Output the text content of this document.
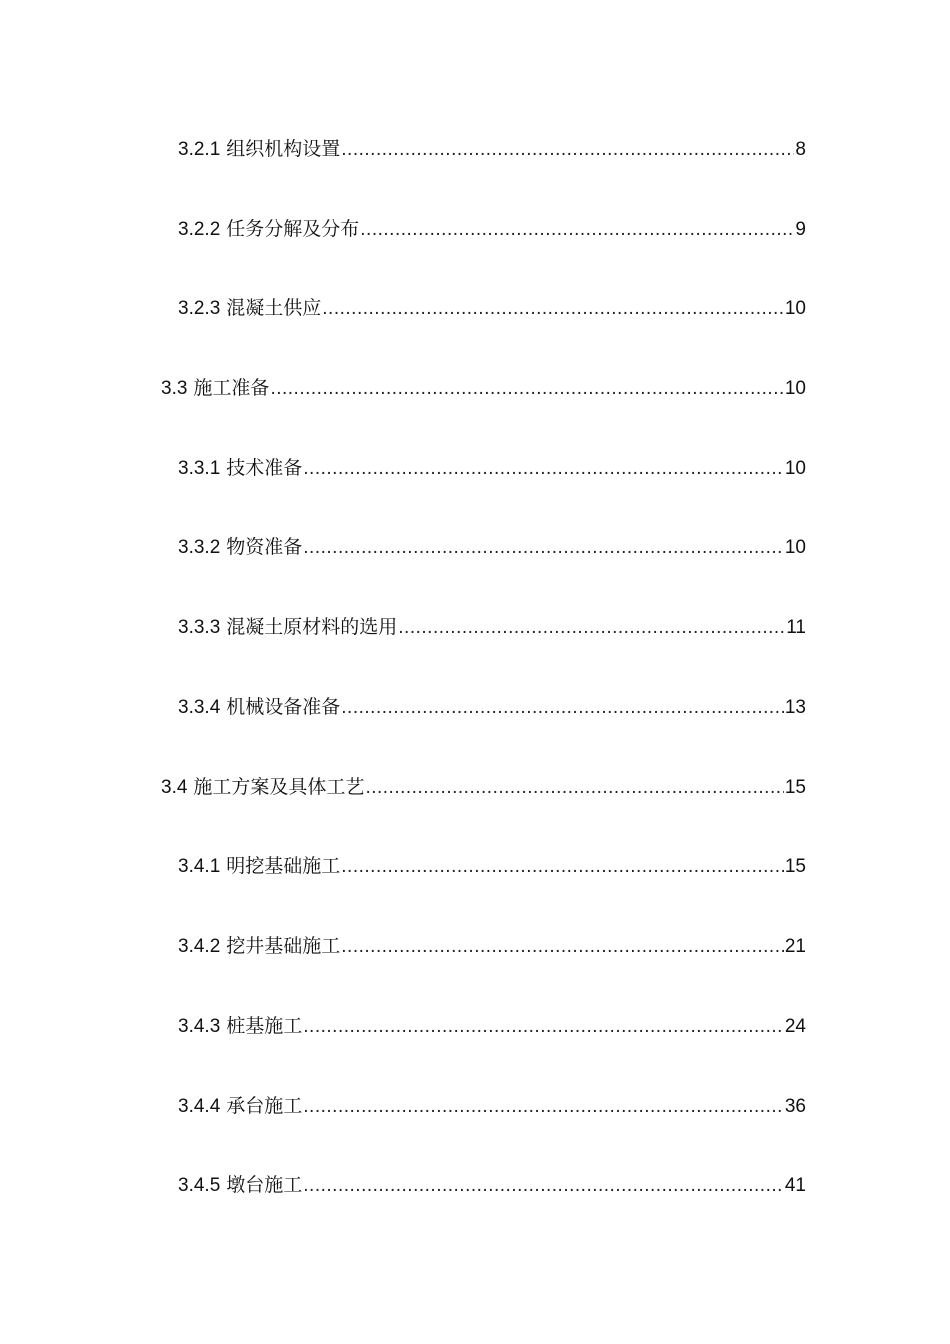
3.2.1 组织机构设置 .....	8
3.2.2 任务分解及分布 .....	9
3.2.3 混凝土供应 .....	10
3.3 施工准备 .....	10
3.3.1 技术准备 .....	10
3.3.2 物资准备 .....	10
3.3.3 混凝土原材料的选用 .....	11
3.3.4 机械设备准备 .....	13
3.4 施工方案及具体工艺 .....	15
3.4.1 明挖基础施工 .....	15
3.4.2 挖井基础施工 .....	21
3.4.3 桩基施工 .....	24
3.4.4 承台施工 .....	36
3.4.5 墩台施工 .....	41
